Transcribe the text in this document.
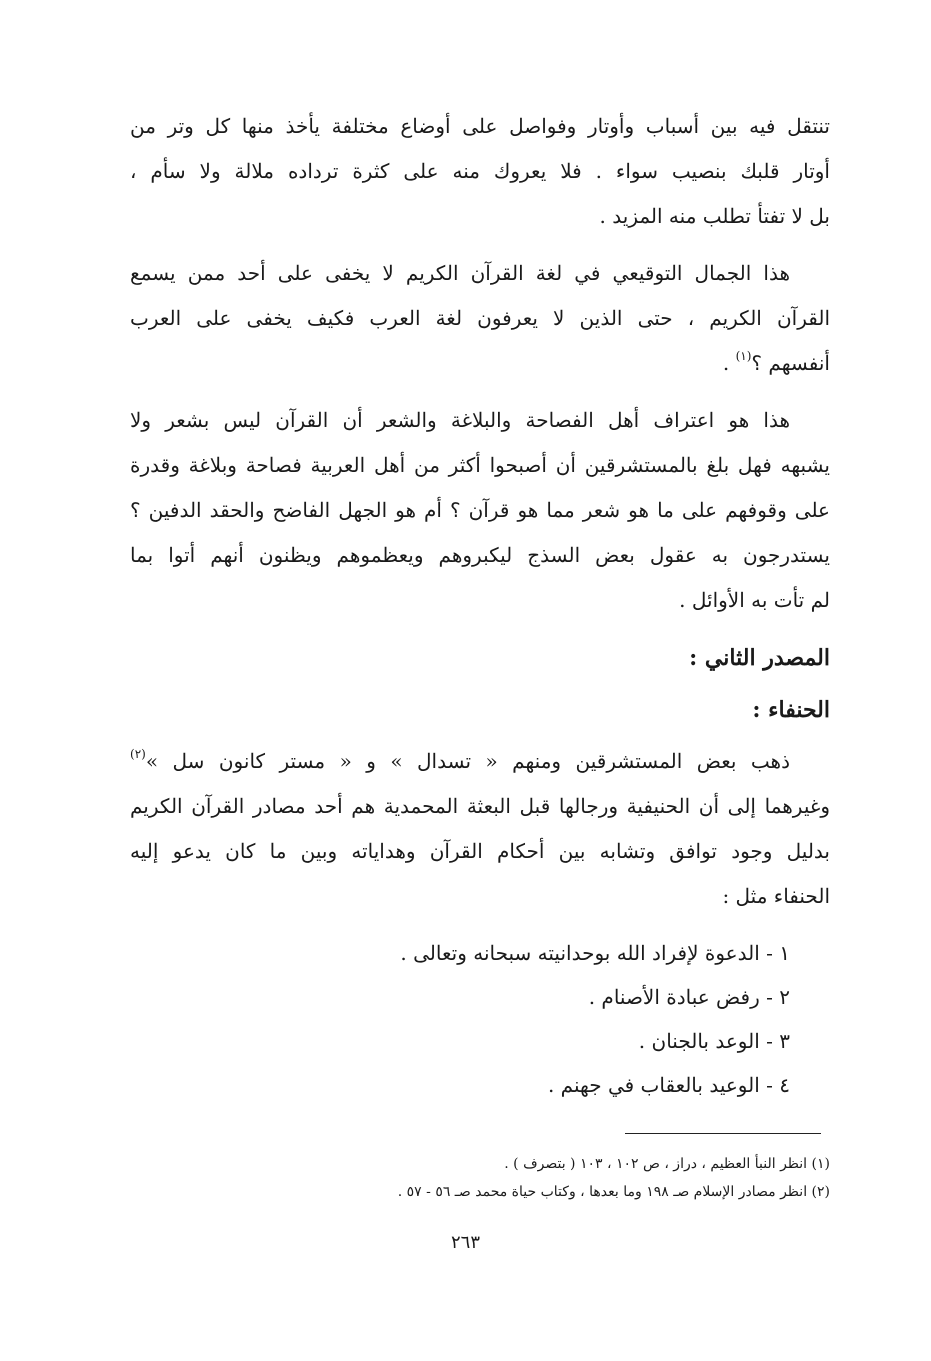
تنتقل فيه بين أسباب وأوتار وفواصل على أوضاع مختلفة يأخذ منها كل وتر من
أوتار قلبك بنصيب سواء . فلا يعروك منه على كثرة ترداده ملالة ولا سأم ،
بل لا تفتأ تطلب منه المزيد .
هذا الجمال التوقيعي في لغة القرآن الكريم لا يخفى على أحد ممن يسمع
القرآن الكريم ، حتى الذين لا يعرفون لغة العرب فكيف يخفى على العرب
أنفسهم ؟$^{(١)}$ .
هذا هو اعتراف أهل الفصاحة والبلاغة والشعر أن القرآن ليس بشعر ولا
يشبهه فهل بلغ بالمستشرقين أن أصبحوا أكثر من أهل العربية فصاحة وبلاغة وقدرة
على وقوفهم على ما هو شعر مما هو قرآن ؟ أم هو الجهل الفاضح والحقد الدفين ؟
يستدرجون به عقول بعض السذج ليكبروهم ويعظموهم ويظنون أنهم أتوا بما
لم تأت به الأوائل .
المصدر الثاني :
الحنفاء :
ذهب بعض المستشرقين ومنهم « تسدال » و « مستر كانون سل »$^{(٢)}$
وغيرهما إلى أن الحنيفية ورجالها قبل البعثة المحمدية هم أحد مصادر القرآن الكريم
بدليل وجود توافق وتشابه بين أحكام القرآن وهداياته وبين ما كان يدعو إليه
الحنفاء مثل :
١ - الدعوة لإفراد الله بوحدانيته سبحانه وتعالى .
٢ - رفض عبادة الأصنام .
٣ - الوعد بالجنان .
٤ - الوعيد بالعقاب في جهنم .
(١) انظر النبأ العظيم ، دراز ، ص ١٠٢ ، ١٠٣ ( بتصرف ) .
(٢) انظر مصادر الإسلام صـ ١٩٨ وما بعدها ، وكتاب حياة محمد صـ ٥٦ - ٥٧ .
٢٦٣
